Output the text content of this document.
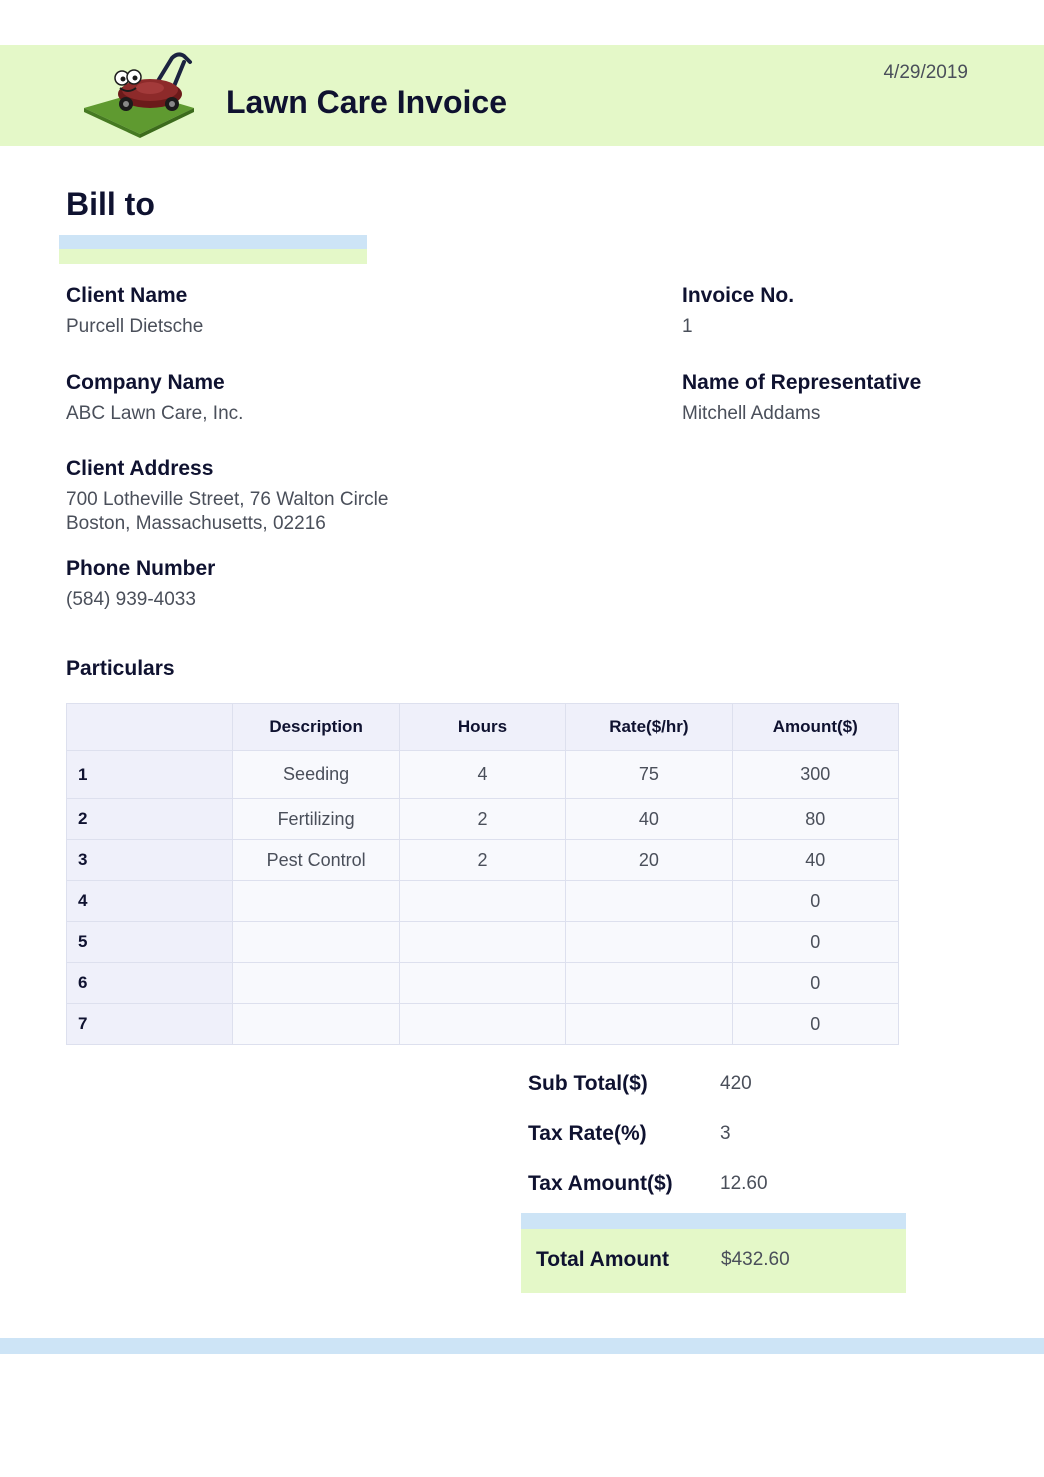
Lawn Care Invoice
4/29/2019
Bill to
Client Name
Purcell Dietsche
Company Name
ABC Lawn Care, Inc.
Client Address
700 Lotheville Street, 76 Walton Circle
Boston, Massachusetts, 02216
Phone Number
(584) 939-4033
Invoice No.
1
Name of Representative
Mitchell Addams
Particulars
	Description	Hours	Rate($/hr)	Amount($)
1	Seeding	4	75	300
2	Fertilizing	2	40	80
3	Pest Control	2	20	40
4				0
5				0
6				0
7				0
Sub Total($)	420
Tax Rate(%)	3
Tax Amount($) 12.60
Total Amount	$432.60
